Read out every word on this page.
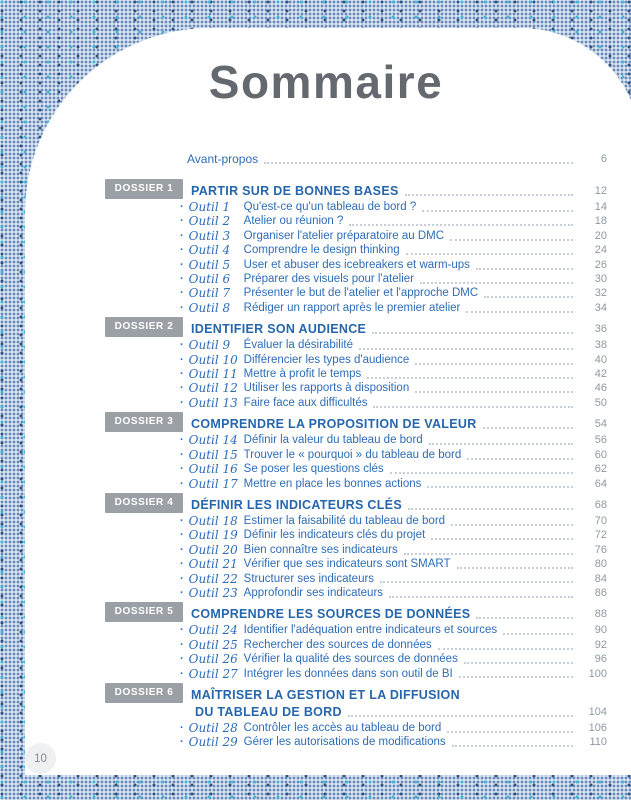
Sommaire
Avant-propos	6
DOSSIER 1	PARTIR SUR DE BONNES BASES	12
· Outil 1	Qu'est-ce qu'un tableau de bord ?	14
· Outil 2	Atelier ou réunion ?	18
· Outil 3	Organiser l'atelier préparatoire au DMC	20
· Outil 4	Comprendre le design thinking	24
· Outil 5	User et abuser des icebreakers et warm-ups	26
· Outil 6	Préparer des visuels pour l'atelier	30
· Outil 7	Présenter le but de l'atelier et l'approche DMC	32
· Outil 8	Rédiger un rapport après le premier atelier	34
DOSSIER 2	IDENTIFIER SON AUDIENCE	36
· Outil 9	Évaluer la désirabilité	38
· Outil 10 Différencier les types d'audience	40
· Outil 11 Mettre à profit le temps	42
· Outil 12 Utiliser les rapports à disposition	46
· Outil 13 Faire face aux difficultés	50
DOSSIER 3	COMPRENDRE LA PROPOSITION DE VALEUR	54
· Outil 14 Définir la valeur du tableau de bord	56
· Outil 15 Trouver le « pourquoi » du tableau de bord	60
· Outil 16 Se poser les questions clés	62
· Outil 17 Mettre en place les bonnes actions	64
DOSSIER 4	DÉFINIR LES INDICATEURS CLÉS	68
· Outil 18 Estimer la faisabilité du tableau de bord	70
· Outil 19 Définir les indicateurs clés du projet	72
· Outil 20 Bien connaître ses indicateurs	76
· Outil 21 Vérifier que ses indicateurs sont SMART	80
· Outil 22 Structurer ses indicateurs	84
· Outil 23 Approfondir ses indicateurs	86
DOSSIER 5	COMPRENDRE LES SOURCES DE DONNÉES	88
· Outil 24 Identifier l'adéquation entre indicateurs et sources	90
· Outil 25 Rechercher des sources de données	92
· Outil 26 Vérifier la qualité des sources de données	96
· Outil 27 Intégrer les données dans son outil de BI	100
DOSSIER 6	MAÎTRISER LA GESTION ET LA DIFFUSION
DU TABLEAU DE BORD	104
· Outil 28 Contrôler les accès au tableau de bord	106
· Outil 29 Gérer les autorisations de modifications	110
10
